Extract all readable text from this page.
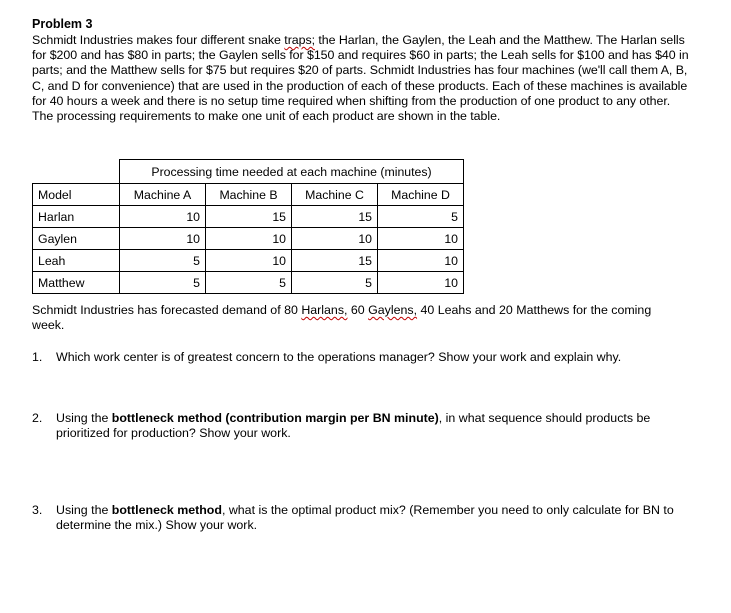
Problem 3
Schmidt Industries makes four different snake traps; the Harlan, the Gaylen, the Leah and the Matthew. The Harlan sells for $200 and has $80 in parts; the Gaylen sells for $150 and requires $60 in parts; the Leah sells for $100 and has $40 in parts; and the Matthew sells for $75 but requires $20 of parts. Schmidt Industries has four machines (we'll call them A, B, C, and D for convenience) that are used in the production of each of these products. Each of these machines is available for 40 hours a week and there is no setup time required when shifting from the production of one product to any other. The processing requirements to make one unit of each product are shown in the table.
	Processing time needed at each machine (minutes)			
Model	Machine A	Machine B	Machine C	Machine D
Harlan	10	15	15	5
Gaylen	10	10	10	10
Leah	5	10	15	10
Matthew	5	5	5	10
Schmidt Industries has forecasted demand of 80 Harlans, 60 Gaylens, 40 Leahs and 20 Matthews for the coming week.
1. Which work center is of greatest concern to the operations manager? Show your work and explain why.
2. Using the bottleneck method (contribution margin per BN minute), in what sequence should products be prioritized for production? Show your work.
3. Using the bottleneck method, what is the optimal product mix? (Remember you need to only calculate for BN to determine the mix.) Show your work.
